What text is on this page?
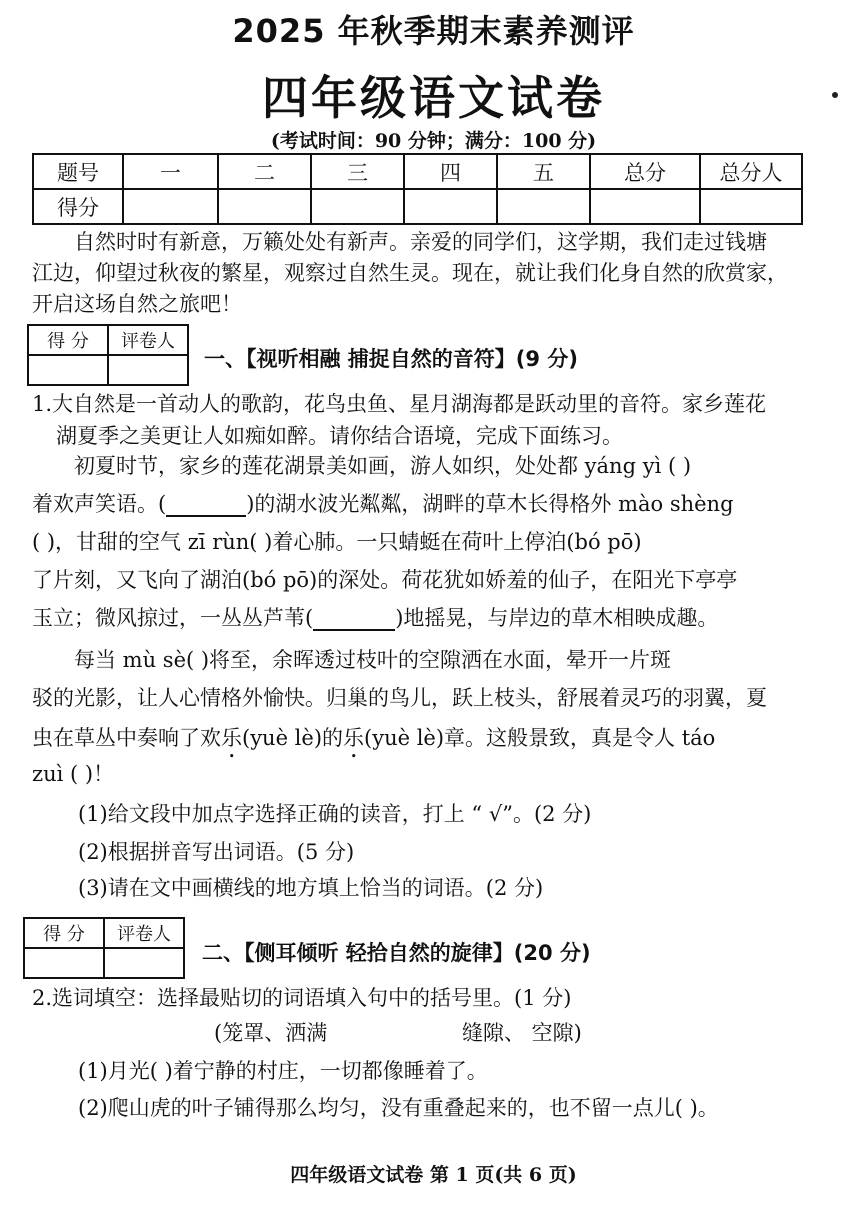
2025 年秋季期末素养测评
四年级语文试卷
(考试时间：90 分钟；满分：100 分)
题号	一	二	三	四	五	总分	总分人
得分							
自然时时有新意，万籁处处有新声。亲爱的同学们，这学期，我们走过钱塘
江边，仰望过秋夜的繁星，观察过自然生灵。现在，就让我们化身自然的欣赏家，
开启这场自然之旅吧！
得 分	评卷人

一、【视听相融 捕捉自然的音符】(9 分)
1.大自然是一首动人的歌韵，花鸟虫鱼、星月湖海都是跃动里的音符。家乡莲花
湖夏季之美更让人如痴如醉。请你结合语境，完成下面练习。
初夏时节，家乡的莲花湖景美如画，游人如织，处处都 yáng yì ( )
着欢声笑语。(	)的湖水波光粼粼，湖畔的草木长得格外 mào shèng
( )，甘甜的空气 zī rùn( )着心肺。一只蜻蜓在荷叶上停泊(bó pō)
了片刻，又飞向了湖泊(bó pō)的深处。荷花犹如娇羞的仙子，在阳光下亭亭
玉立；微风掠过，一丛丛芦苇(	)地摇晃，与岸边的草木相映成趣。
每当 mù sè( )将至，余晖透过枝叶的空隙洒在水面，晕开一片斑
驳的光影，让人心情格外愉快。归巢的鸟儿，跃上枝头，舒展着灵巧的羽翼，夏
虫在草丛中奏响了欢乐(yuè lè)的乐(yuè lè)章。这般景致，真是令人 táo
zuì ( )！
(1)给文段中加点字选择正确的读音，打上 “ √”。(2 分)
(2)根据拼音写出词语。(5 分)
(3)请在文中画横线的地方填上恰当的词语。(2 分)
得 分	评卷人

二、【侧耳倾听 轻拾自然的旋律】(20 分)
2.选词填空：选择最贴切的词语填入句中的括号里。(1 分)
(笼罩、洒满	缝隙、 空隙)
(1)月光( )着宁静的村庄，一切都像睡着了。
(2)爬山虎的叶子铺得那么均匀，没有重叠起来的，也不留一点儿( )。
四年级语文试卷 第 1 页(共 6 页)
